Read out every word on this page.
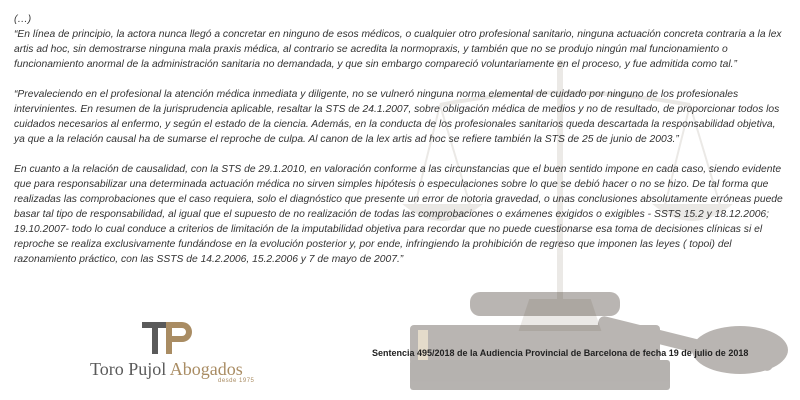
(…)

“En línea de principio, la actora nunca llegó a concretar en ninguno de esos médicos, o cualquier otro profesional sanitario, ninguna actuación concreta contraria a la lex artis ad hoc, sin demostrarse ninguna mala praxis médica, al contrario se acredita la normopraxis, y también que no se produjo ningún mal funcionamiento o funcionamiento anormal de la administración sanitaria no demandada, y que sin embargo compareció voluntariamente en el proceso, y fue admitida como tal.”

“Prevaleciendo en el profesional la atención médica inmediata y diligente, no se vulneró ninguna norma elemental de cuidado por ninguno de los profesionales intervinientes. En resumen de la jurisprudencia aplicable, resaltar la STS de 24.1.2007, sobre obligación médica de medios y no de resultado, de proporcionar todos los cuidados necesarios al enfermo, y según el estado de la ciencia. Además, en la conducta de los profesionales sanitarios queda descartada la responsabilidad objetiva, ya que a la relación causal ha de sumarse el reproche de culpa. Al canon de la lex artis ad hoc se refiere también la STS de 25 de junio de 2003.”

En cuanto a la relación de causalidad, con la STS de 29.1.2010, en valoración conforme a las circunstancias que el buen sentido impone en cada caso, siendo evidente que para responsabilizar una determinada actuación médica no sirven simples hipótesis o especulaciones sobre lo que se debió hacer o no se hizo. De tal forma que realizadas las comprobaciones que el caso requiera, solo el diagnóstico que presente un error de notoria gravedad, o unas conclusiones absolutamente erróneas puede basar tal tipo de responsabilidad, al igual que el supuesto de no realización de todas las comprobaciones o exámenes exigidos o exigibles - SSTS 15.2 y 18.12.2006; 19.10.2007- todo lo cual conduce a criterios de limitación de la imputabilidad objetiva para recordar que no puede cuestionarse esa toma de decisiones clínicas si el reproche se realiza exclusivamente fundándose en la evolución posterior y, por ende, infringiendo la prohibición de regreso que imponen las leyes ( topoi) del razonamiento práctico, con las SSTS de 14.2.2006, 15.2.2006 y 7 de mayo de 2007.”

Sentencia 495/2018 de la Audiencia Provincial de Barcelona de fecha 19 de julio de 2018
Toro Pujol Abogados
desde 1975
